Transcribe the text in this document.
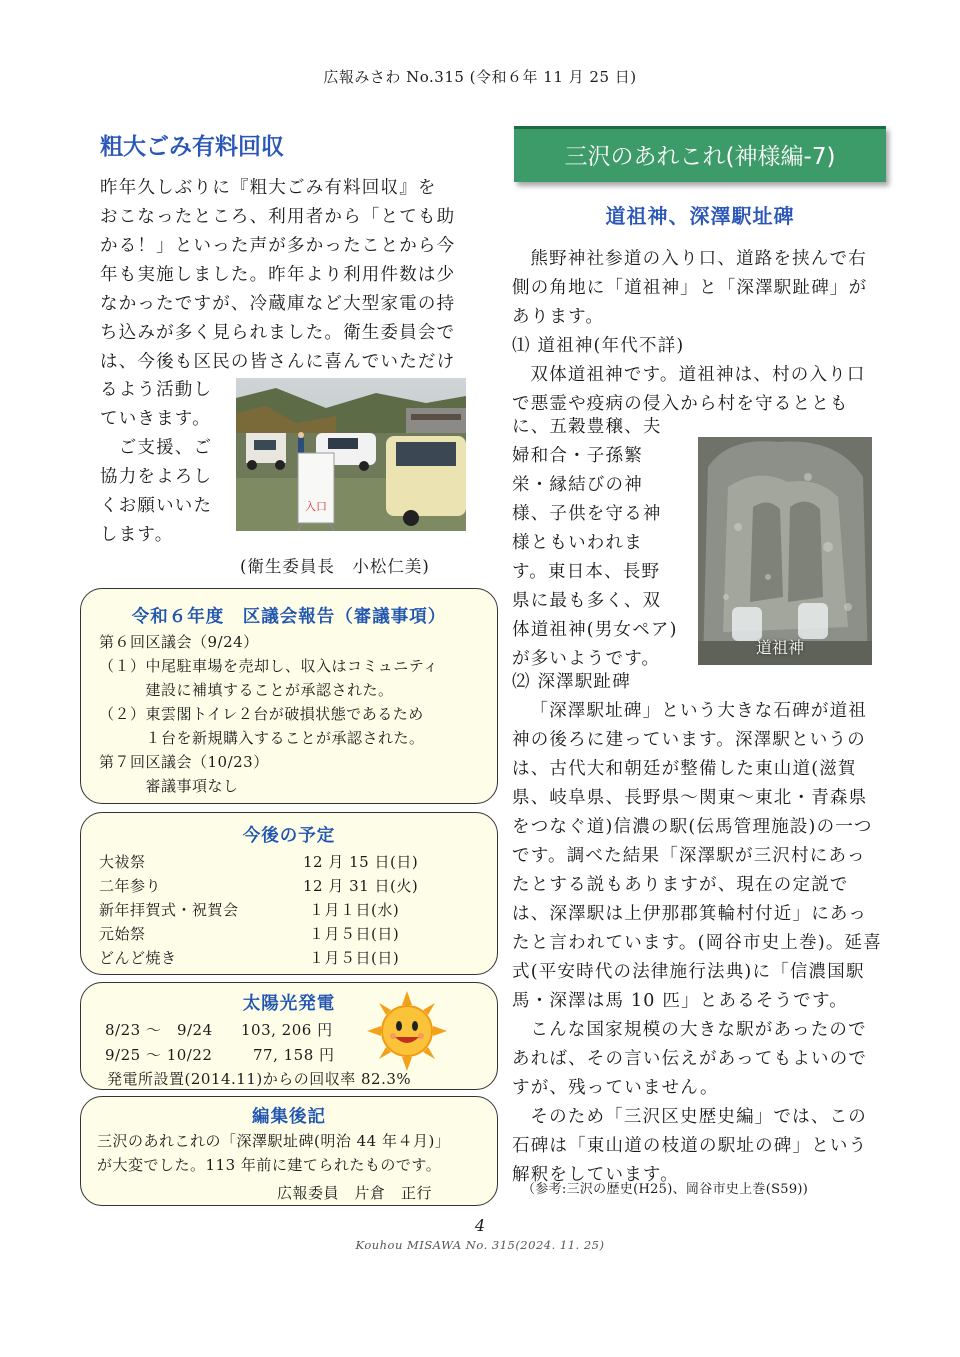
広報みさわ No.315 (令和６年 11 月 25 日)
粗大ごみ有料回収
昨年久しぶりに『粗大ごみ有料回収』を
おこなったところ、利用者から「とても助
かる！」といった声が多かったことから今
年も実施しました。昨年より利用件数は少
なかったですが、冷蔵庫など大型家電の持
ち込みが多く見られました。衛生委員会で
は、今後も区民の皆さんに喜んでいただけ
るよう活動し
ていきます。
　ご支援、ご
協力をよろし
くお願いいた
します。
入口
(衛生委員長　小松仁美)
令和６年度　区議会報告（審議事項）
第６回区議会（9/24）
（１）中尾駐車場を売却し、収入はコミュニティ
　　　建設に補填することが承認された。
（２）東雲閣トイレ２台が破損状態であるため
　　　１台を新規購入することが承認された。
第７回区議会（10/23）
　　　審議事項なし
今後の予定
大祓祭	12 月 15 日(日)
二年参り	12 月 31 日(火)
新年拝賀式・祝賀会	１月１日(水)
元始祭	１月５日(日)
どんど焼き	１月５日(日)
太陽光発電
8/23 ～　9/24 103, 206 円
9/25 ～ 10/22	77, 158 円
発電所設置(2014.11)からの回収率 82.3%
編集後記
三沢のあれこれの「深澤駅址碑(明治 44 年４月)」
が大変でした。113 年前に建てられたものです。
広報委員　片倉　正行
三沢のあれこれ(神様編-7)
道祖神、深澤駅址碑

熊野神社参道の入り口、道路を挟んで右

側の角地に「道祖神」と「深澤駅趾碑」が

あります。

⑴ 道祖神(年代不詳)

双体道祖神です。道祖神は、村の入り口

で悪霊や疫病の侵入から村を守るととも

に、五穀豊穣、夫

婦和合・子孫繁

栄・縁結びの神

様、子供を守る神

様ともいわれま

す。東日本、長野

県に最も多く、双

体道祖神(男女ペア)

が多いようです。

道祖神

⑵ 深澤駅趾碑

「深澤駅址碑」という大きな石碑が道祖

神の後ろに建っています。深澤駅というの

は、古代大和朝廷が整備した東山道(滋賀

県、岐阜県、長野県～関東～東北・青森県

をつなぐ道)信濃の駅(伝馬管理施設)の一つ

です。調べた結果「深澤駅が三沢村にあっ

たとする説もありますが、現在の定説で

は、深澤駅は上伊那郡箕輪村付近」にあっ

たと言われています。(岡谷市史上巻)。延喜

式(平安時代の法律施行法典)に「信濃国駅

馬・深澤は馬 10 匹」とあるそうです。

こんな国家規模の大きな駅があったので

あれば、その言い伝えがあってもよいので

すが、残っていません。

そのため「三沢区史歴史編」では、この

石碑は「東山道の枝道の駅址の碑」という

解釈をしています。

（参考:三沢の歴史(H25)、岡谷市史上巻(S59))
4
Kouhou MISAWA No. 315(2024. 11. 25)
